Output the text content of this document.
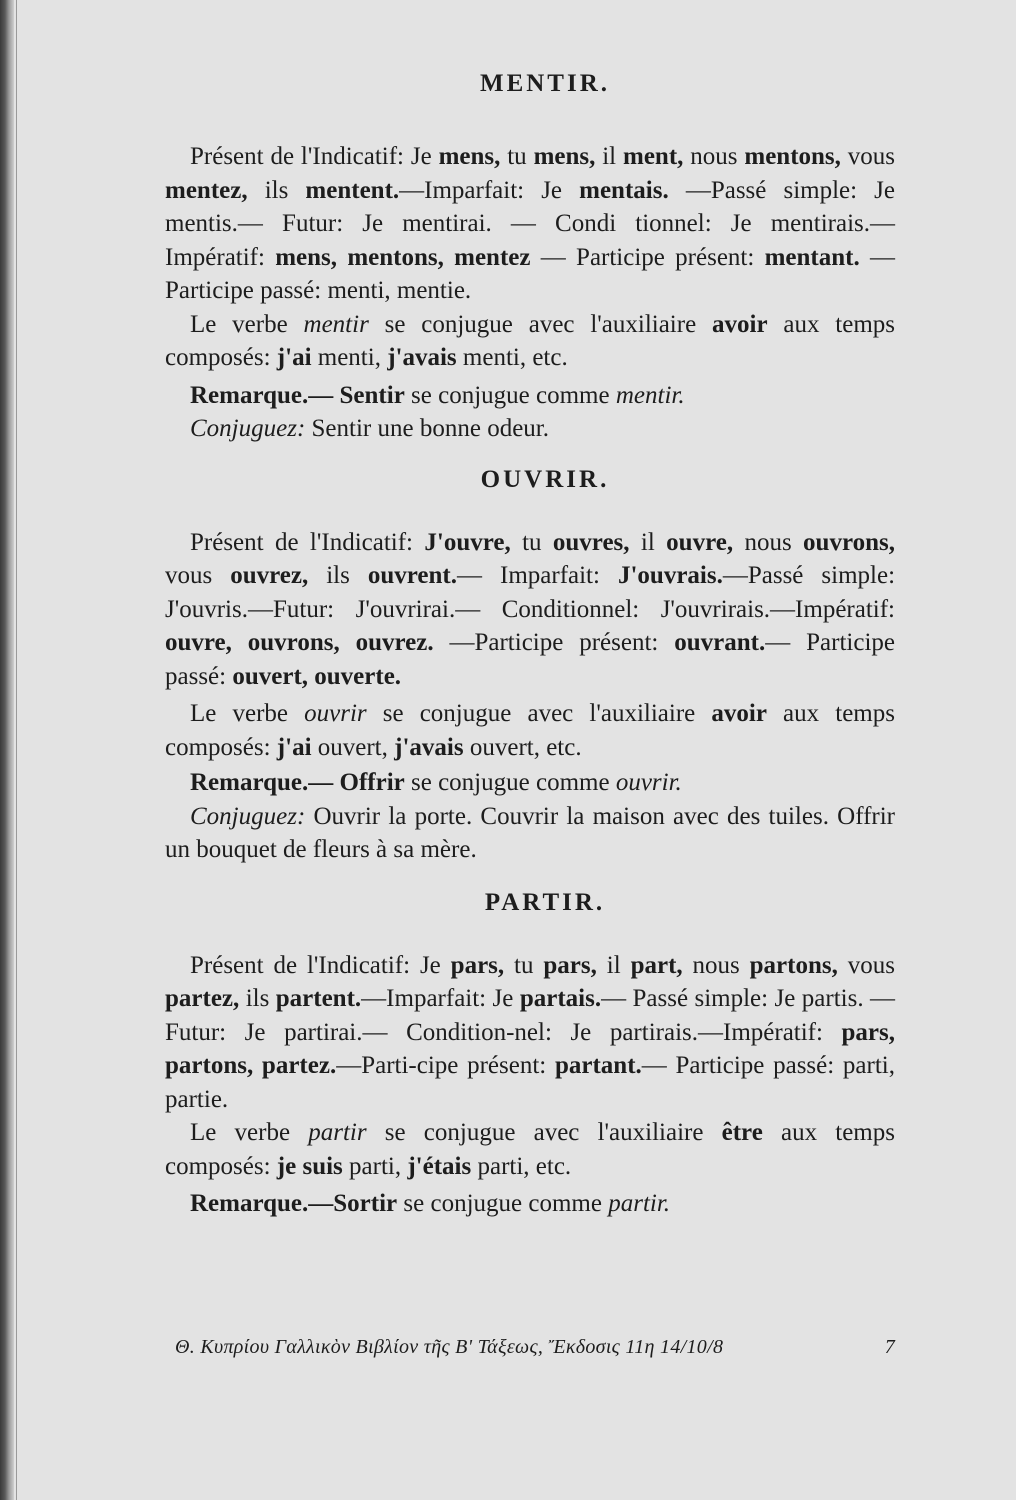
MENTIR.

Présent de l'Indicatif: Je mens, tu mens, il ment, nous mentons, vous mentez, ils mentent.—Imparfait: Je mentais. —Passé simple: Je mentis.— Futur: Je mentirai. — Condi tionnel: Je mentirais.— Impératif: mens, mentons, mentez — Participe présent: mentant. — Participe passé: menti, mentie.

Le verbe mentir se conjugue avec l'auxiliaire avoir aux temps composés: j'ai menti, j'avais menti, etc.

Remarque.— Sentir se conjugue comme mentir.

Conjuguez: Sentir une bonne odeur.

OUVRIR.

Présent de l'Indicatif: J'ouvre, tu ouvres, il ouvre, nous ouvrons, vous ouvrez, ils ouvrent.— Imparfait: J'ouvrais.—Passé simple: J'ouvris.—Futur: J'ouvrirai.— Conditionnel: J'ouvrirais.—Impératif: ouvre, ouvrons, ouvrez. —Participe présent: ouvrant.— Participe passé: ouvert, ouverte.

Le verbe ouvrir se conjugue avec l'auxiliaire avoir aux temps composés: j'ai ouvert, j'avais ouvert, etc.

Remarque.— Offrir se conjugue comme ouvrir.

Conjuguez: Ouvrir la porte. Couvrir la maison avec des tuiles. Offrir un bouquet de fleurs à sa mère.

PARTIR.

Présent de l'Indicatif: Je pars, tu pars, il part, nous partons, vous partez, ils partent.—Imparfait: Je partais.— Passé simple: Je partis. —Futur: Je partirai.— Condition-nel: Je partirais.—Impératif: pars, partons, partez.—Parti-cipe présent: partant.— Participe passé: parti, partie.

Le verbe partir se conjugue avec l'auxiliaire être aux temps composés: je suis parti, j'étais parti, etc.

Remarque.—Sortir se conjugue comme partir.

Θ. Κυπρίου Γαλλικὸν Βιβλίον τῆς Β' Τάξεως, Ἔκδοσις 11η 14/10/8	7
